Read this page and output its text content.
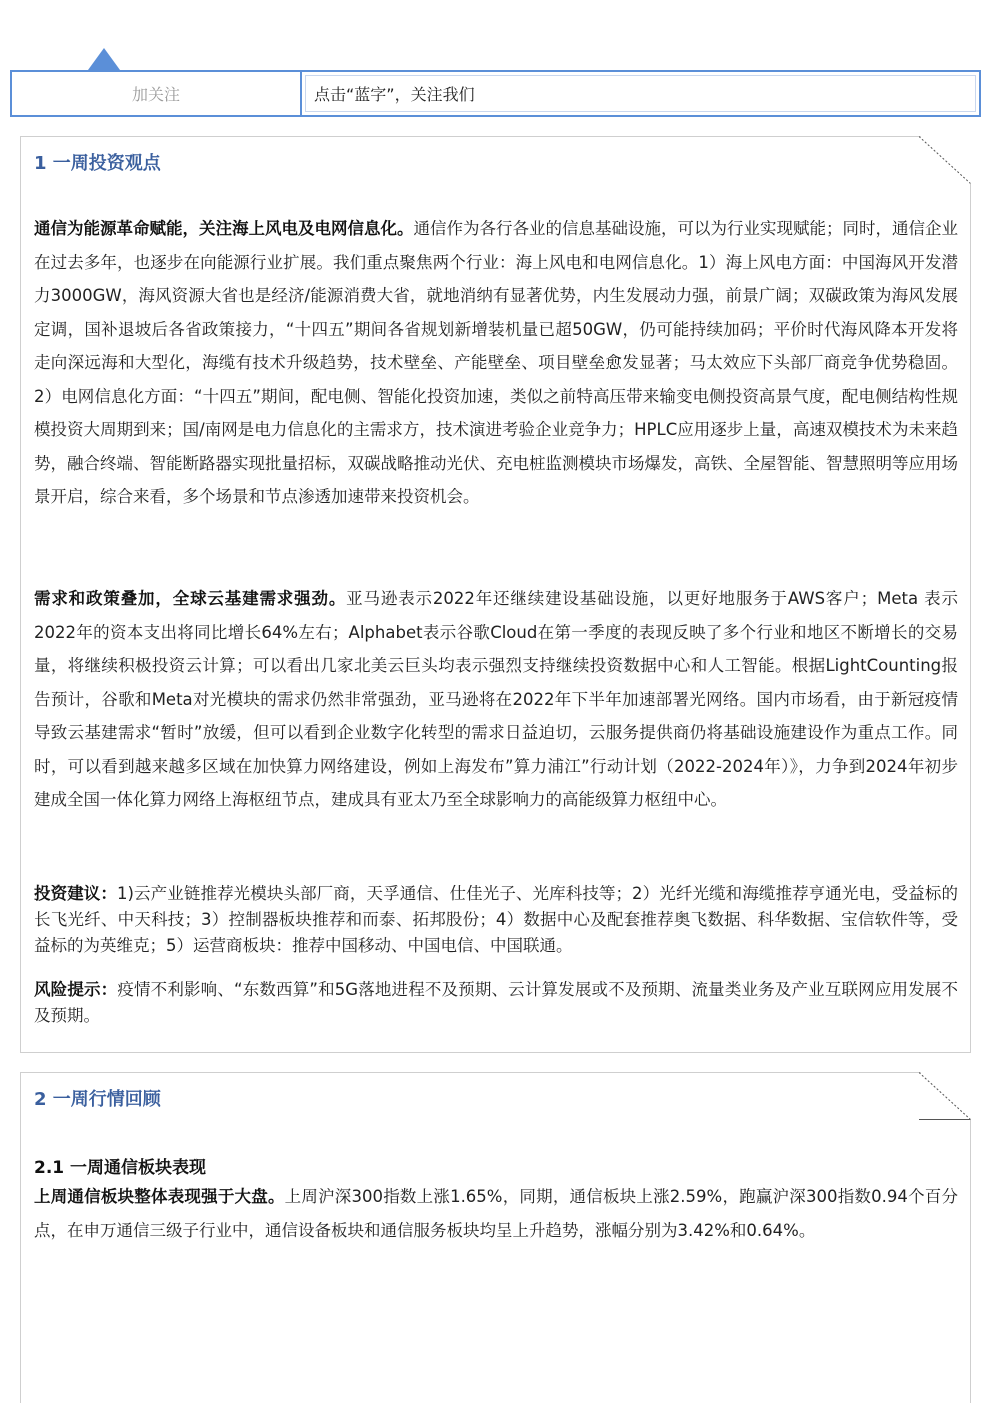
加关注	点击“蓝字”，关注我们
1 一周投资观点
通信为能源革命赋能，关注海上风电及电网信息化。通信作为各行各业的信息基础设施，可以为行业实现赋能；同时，通信企业在过去多年，也逐步在向能源行业扩展。我们重点聚焦两个行业：海上风电和电网信息化。1）海上风电方面：中国海风开发潜力3000GW，海风资源大省也是经济/能源消费大省，就地消纳有显著优势，内生发展动力强，前景广阔；双碳政策为海风发展定调，国补退坡后各省政策接力，“十四五”期间各省规划新增装机量已超50GW，仍可能持续加码；平价时代海风降本开发将走向深远海和大型化，海缆有技术升级趋势，技术壁垒、产能壁垒、项目壁垒愈发显著；马太效应下头部厂商竞争优势稳固。2）电网信息化方面：“十四五”期间，配电侧、智能化投资加速，类似之前特高压带来输变电侧投资高景气度，配电侧结构性规模投资大周期到来；国/南网是电力信息化的主需求方，技术演进考验企业竞争力；HPLC应用逐步上量，高速双模技术为未来趋势，融合终端、智能断路器实现批量招标，双碳战略推动光伏、充电桩监测模块市场爆发，高铁、全屋智能、智慧照明等应用场景开启，综合来看，多个场景和节点渗透加速带来投资机会。
需求和政策叠加，全球云基建需求强劲。亚马逊表示2022年还继续建设基础设施，以更好地服务于AWS客户；Meta 表示2022年的资本支出将同比增长64%左右；Alphabet表示谷歌Cloud在第一季度的表现反映了多个行业和地区不断增长的交易量，将继续积极投资云计算；可以看出几家北美云巨头均表示强烈支持继续投资数据中心和人工智能。根据LightCounting报告预计，谷歌和Meta对光模块的需求仍然非常强劲，亚马逊将在2022年下半年加速部署光网络。国内市场看，由于新冠疫情导致云基建需求“暂时”放缓，但可以看到企业数字化转型的需求日益迫切，云服务提供商仍将基础设施建设作为重点工作。同时，可以看到越来越多区域在加快算力网络建设，例如上海发布”算力浦江”行动计划（2022-2024年）》，力争到2024年初步建成全国一体化算力网络上海枢纽节点，建成具有亚太乃至全球影响力的高能级算力枢纽中心。
投资建议：1)云产业链推荐光模块头部厂商，天孚通信、仕佳光子、光库科技等；2）光纤光缆和海缆推荐亨通光电，受益标的长飞光纤、中天科技；3）控制器板块推荐和而泰、拓邦股份；4）数据中心及配套推荐奥飞数据、科华数据、宝信软件等，受益标的为英维克；5）运营商板块：推荐中国移动、中国电信、中国联通。
风险提示：疫情不利影响、“东数西算”和5G落地进程不及预期、云计算发展或不及预期、流量类业务及产业互联网应用发展不及预期。
2 一周行情回顾
2.1 一周通信板块表现
上周通信板块整体表现强于大盘。上周沪深300指数上涨1.65%，同期，通信板块上涨2.59%，跑赢沪深300指数0.94个百分点，在申万通信三级子行业中，通信设备板块和通信服务板块均呈上升趋势，涨幅分别为3.42%和0.64%。
